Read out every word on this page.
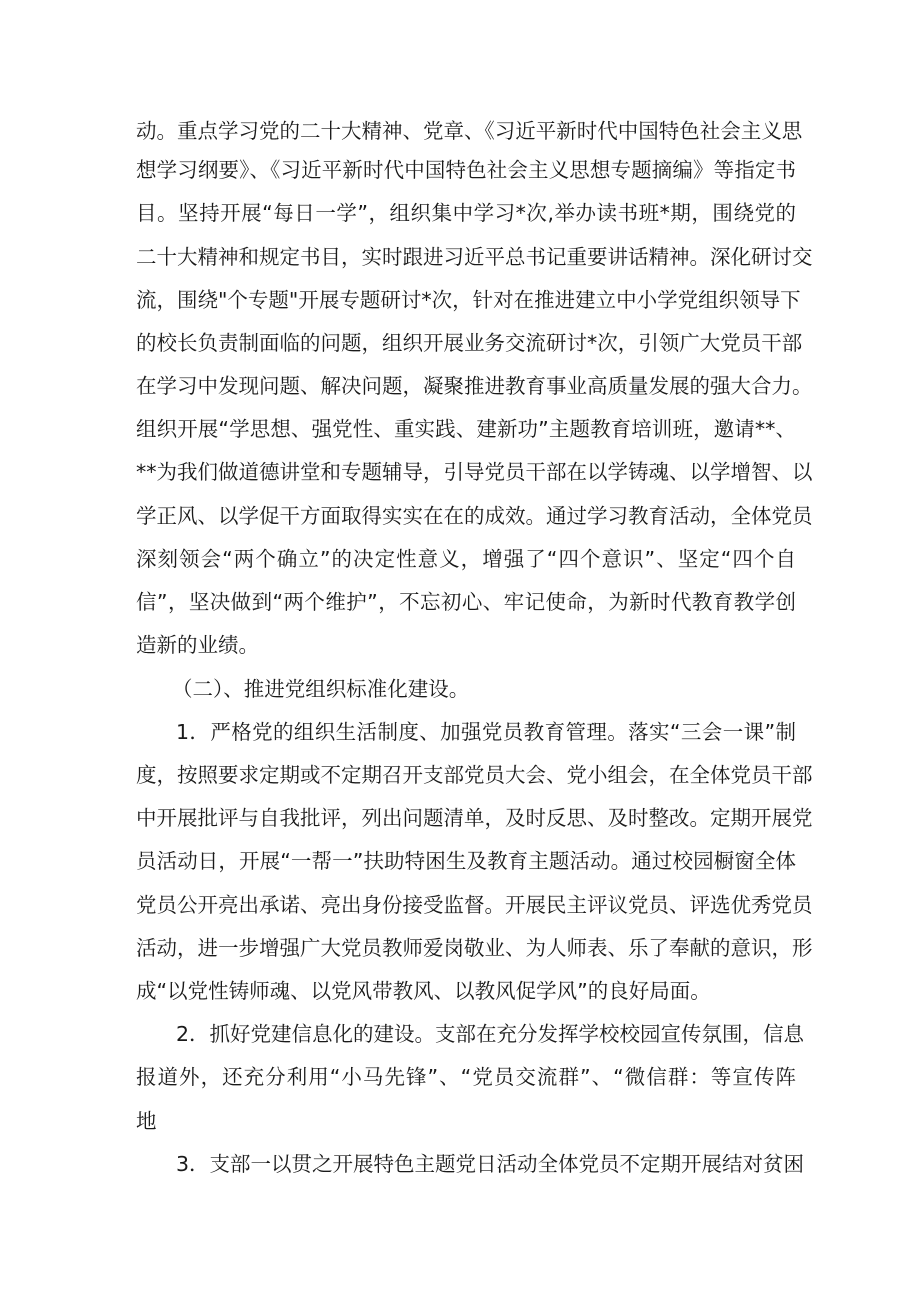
动。重点学习党的二十大精神、党章、《习近平新时代中国特色社会主义思
想学习纲要》、《习近平新时代中国特色社会主义思想专题摘编》等指定书
目。坚持开展“每日一学”，组织集中学习*次,举办读书班*期，围绕党的
二十大精神和规定书目，实时跟进习近平总书记重要讲话精神。深化研讨交
流，围绕"个专题"开展专题研讨*次，针对在推进建立中小学党组织领导下
的校长负责制面临的问题，组织开展业务交流研讨*次，引领广大党员干部
在学习中发现问题、解决问题，凝聚推进教育事业高质量发展的强大合力。
组织开展“学思想、强党性、重实践、建新功”主题教育培训班，邀请**、
**为我们做道德讲堂和专题辅导，引导党员干部在以学铸魂、以学增智、以
学正风、以学促干方面取得实实在在的成效。通过学习教育活动，全体党员
深刻领会“两个确立”的决定性意义，增强了“四个意识”、坚定“四个自
信”，坚决做到“两个维护”，不忘初心、牢记使命，为新时代教育教学创
造新的业绩。
（二）、推进党组织标准化建设。
1．严格党的组织生活制度、加强党员教育管理。落实“三会一课”制
度，按照要求定期或不定期召开支部党员大会、党小组会，在全体党员干部
中开展批评与自我批评，列出问题清单，及时反思、及时整改。定期开展党
员活动日，开展“一帮一”扶助特困生及教育主题活动。通过校园橱窗全体
党员公开亮出承诺、亮出身份接受监督。开展民主评议党员、评选优秀党员
活动，进一步增强广大党员教师爱岗敬业、为人师表、乐了奉献的意识，形
成“以党性铸师魂、以党风带教风、以教风促学风”的良好局面。
2．抓好党建信息化的建设。支部在充分发挥学校校园宣传氛围，信息
报道外，还充分利用“小马先锋”、“党员交流群”、“微信群：等宣传阵
地
3．支部一以贯之开展特色主题党日活动全体党员不定期开展结对贫困
